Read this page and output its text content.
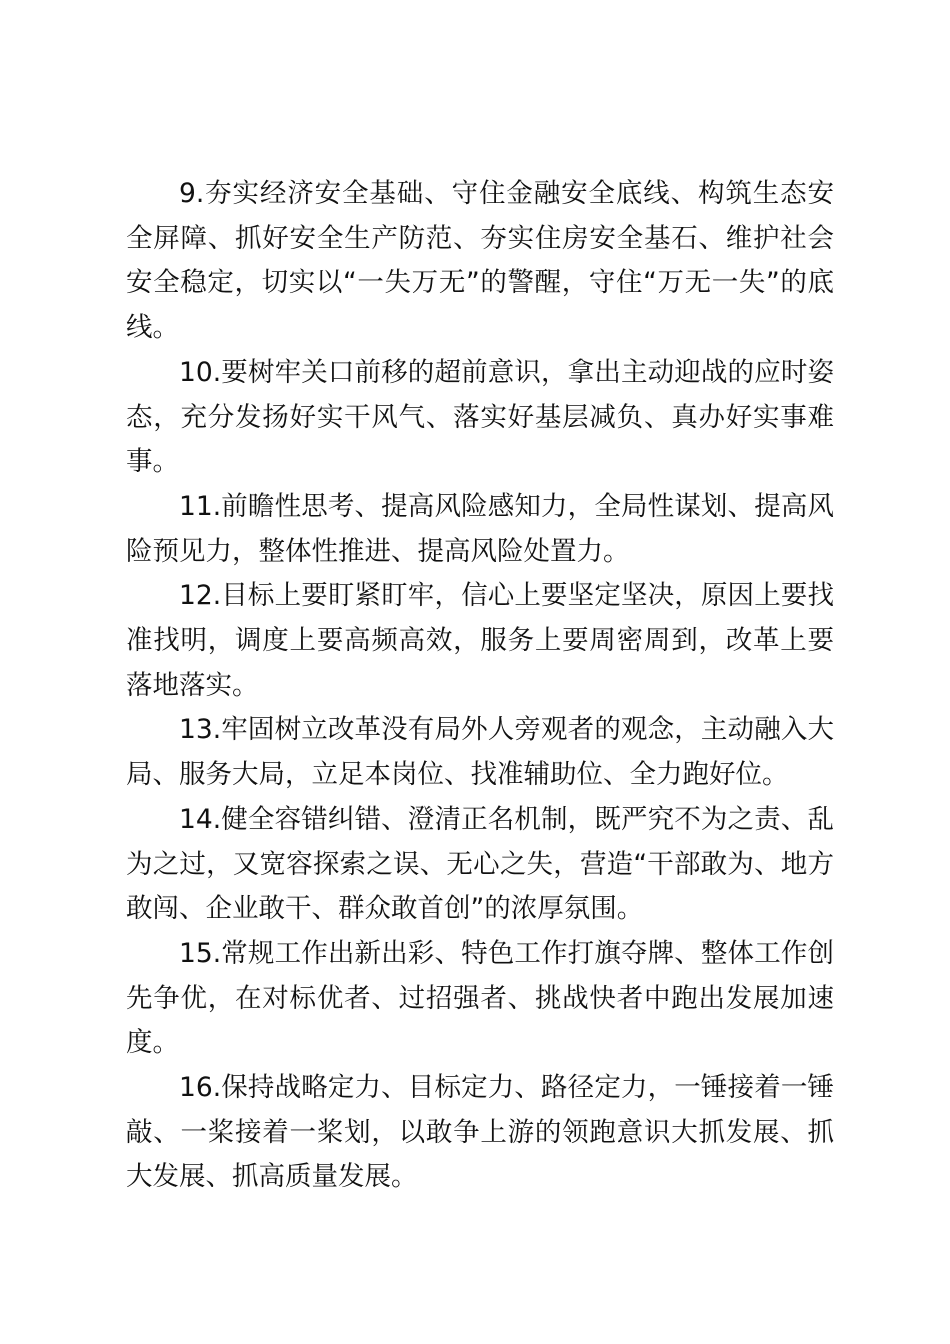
9.夯实经济安全基础、守住金融安全底线、构筑生态安全屏障、抓好安全生产防范、夯实住房安全基石、维护社会安全稳定，切实以“一失万无”的警醒，守住“万无一失”的底线。

10.要树牢关口前移的超前意识，拿出主动迎战的应时姿态，充分发扬好实干风气、落实好基层减负、真办好实事难事。

11.前瞻性思考、提高风险感知力，全局性谋划、提高风险预见力，整体性推进、提高风险处置力。

12.目标上要盯紧盯牢，信心上要坚定坚决，原因上要找准找明，调度上要高频高效，服务上要周密周到，改革上要落地落实。

13.牢固树立改革没有局外人旁观者的观念，主动融入大局、服务大局，立足本岗位、找准辅助位、全力跑好位。

14.健全容错纠错、澄清正名机制，既严究不为之责、乱为之过，又宽容探索之误、无心之失，营造“干部敢为、地方敢闯、企业敢干、群众敢首创”的浓厚氛围。

15.常规工作出新出彩、特色工作打旗夺牌、整体工作创先争优，在对标优者、过招强者、挑战快者中跑出发展加速度。

16.保持战略定力、目标定力、路径定力，一锤接着一锤敲、一桨接着一桨划，以敢争上游的领跑意识大抓发展、抓大发展、抓高质量发展。
